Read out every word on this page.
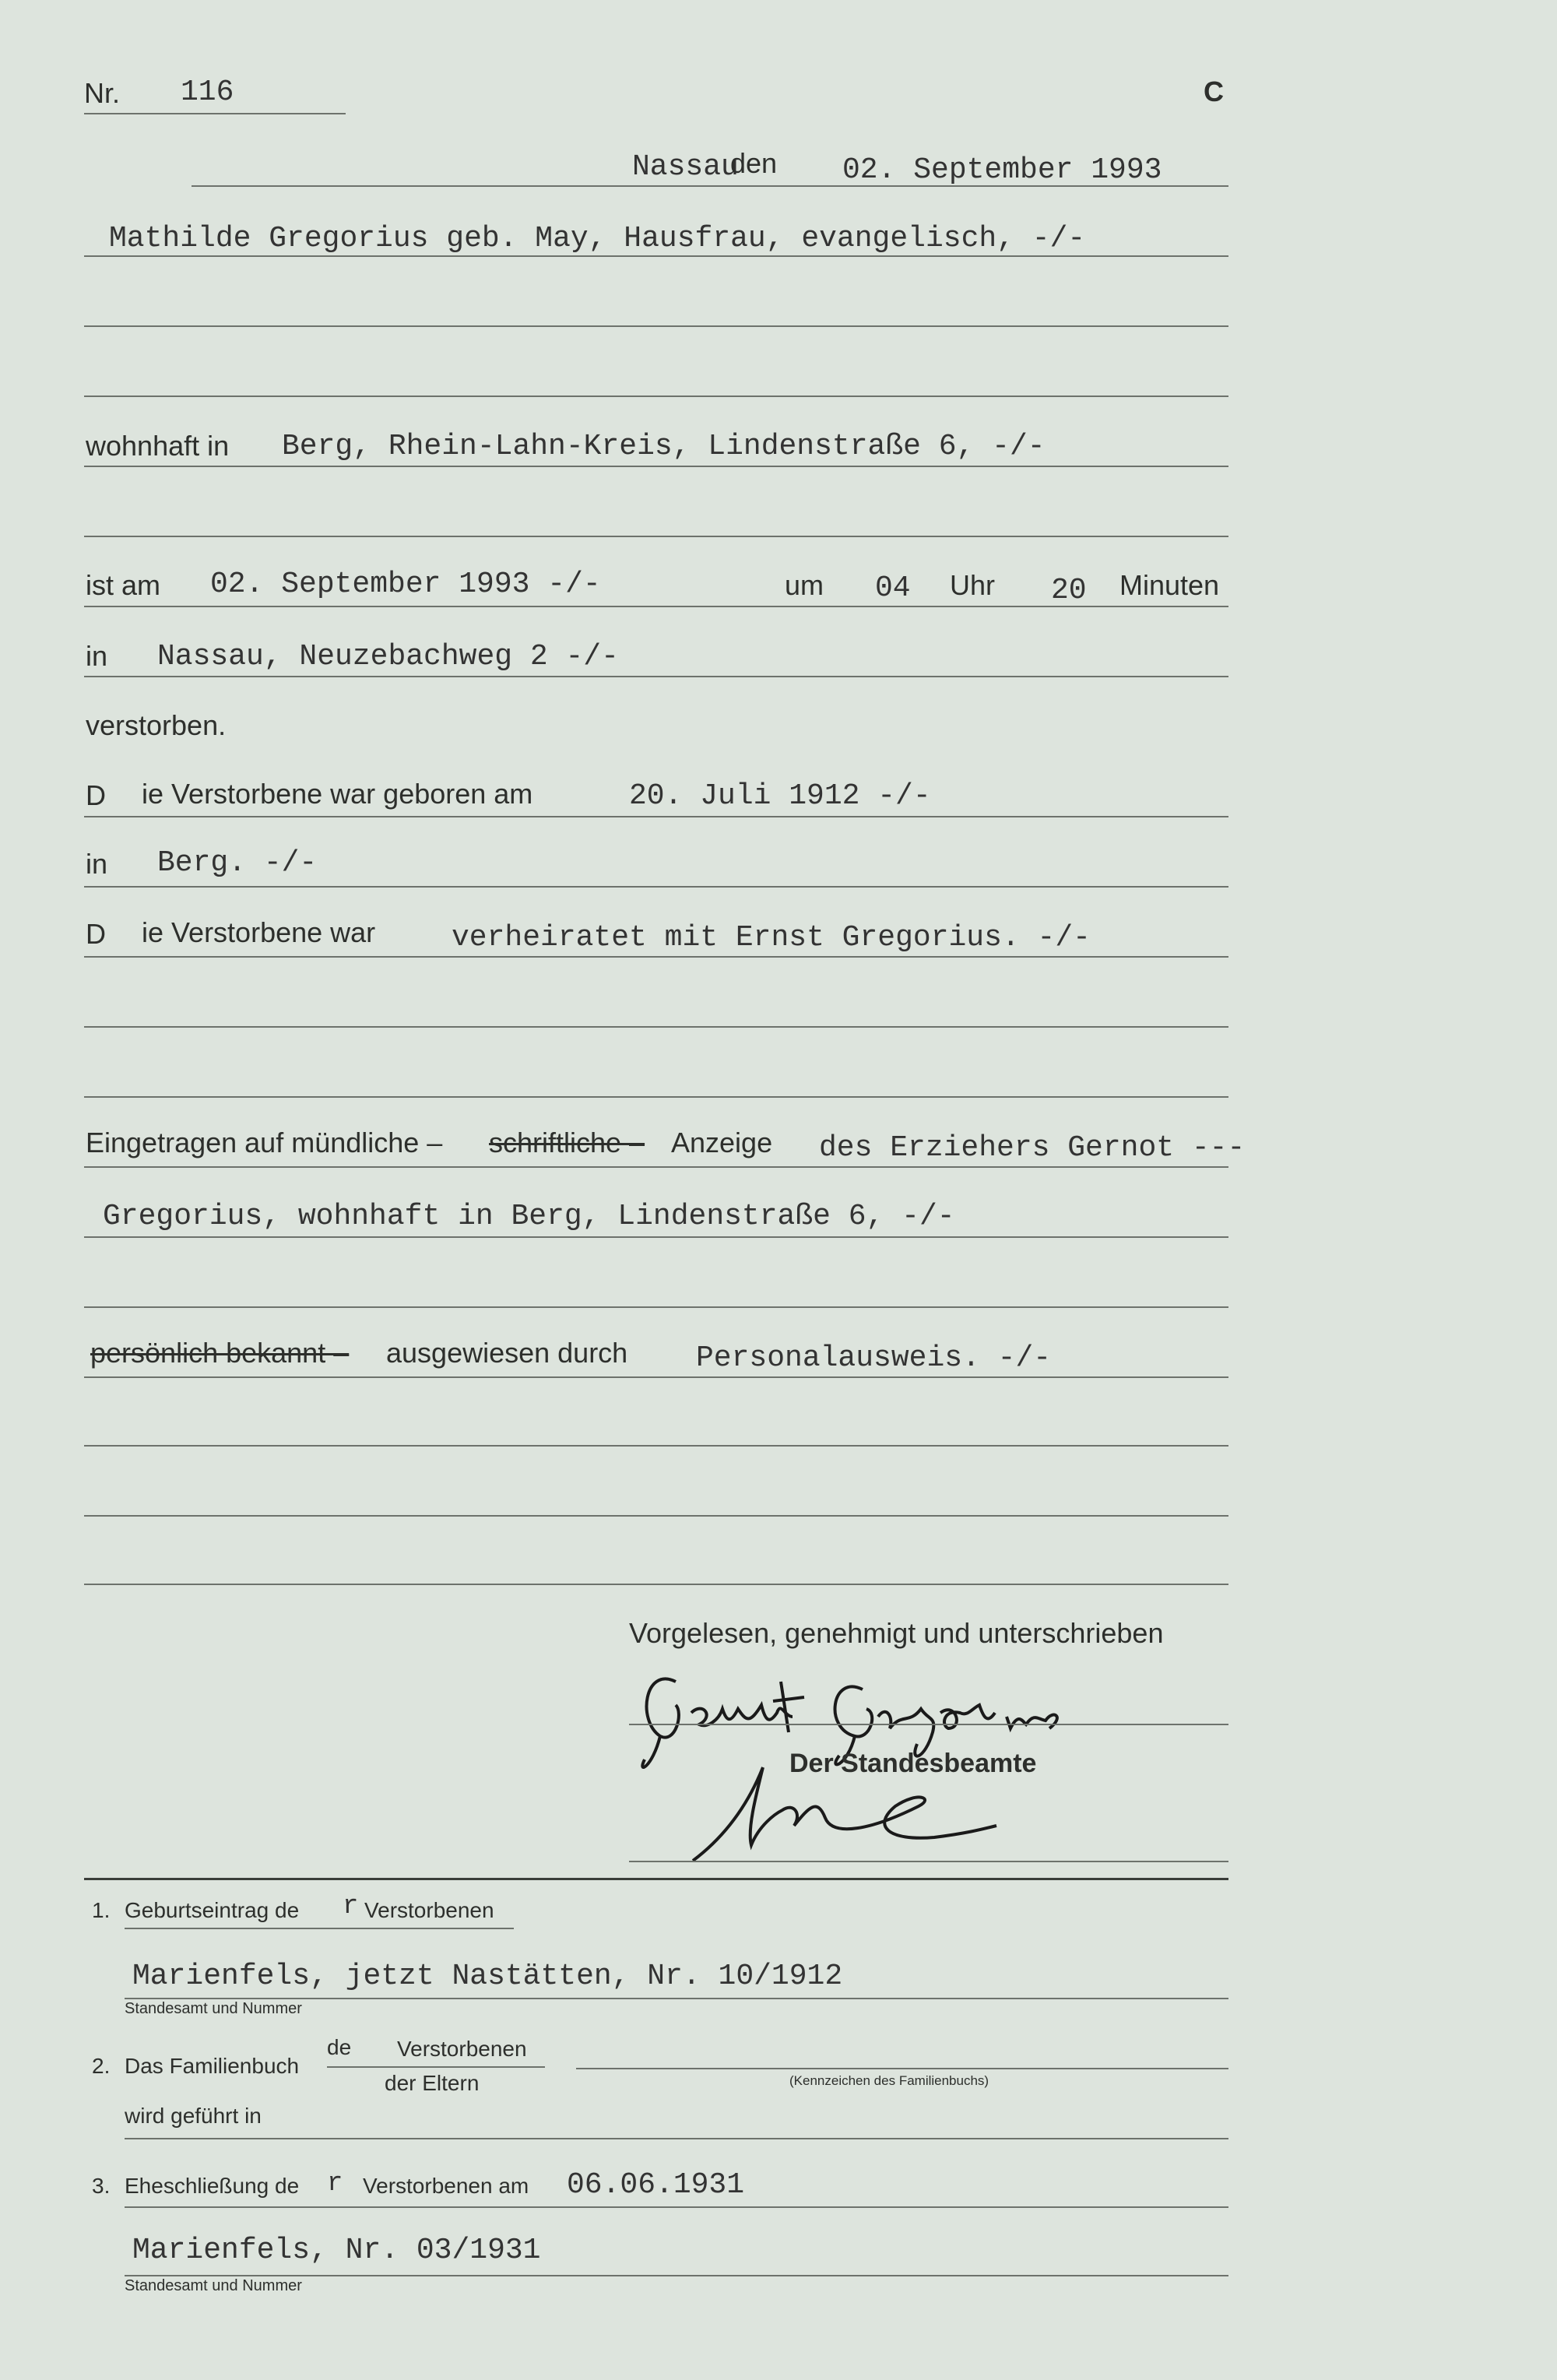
Nr. 116	C
Nassau
den 02. September 1993
Mathilde Gregorius geb. May, Hausfrau, evangelisch, -/-
wohnhaft in Berg, Rhein-Lahn-Kreis, Lindenstraße 6, -/-
ist am 02. September 1993 -/-	um 04 Uhr 20 Minuten
in Nassau, Neuzebachweg 2 -/-
verstorben.
D ie Verstorbene war geboren am	20. Juli 1912 -/-
in Berg. -/-
D ie Verstorbene war	verheiratet mit Ernst Gregorius. -/-
Eingetragen auf mündliche – schriftliche – Anzeige des Erziehers Gernot ---
Gregorius, wohnhaft in Berg, Lindenstraße 6, -/-
persönlich bekannt – ausgewiesen durch Personalausweis. -/-
Vorgelesen, genehmigt und unterschrieben
Der Standesbeamte
1. Geburtseintrag de r Verstorbenen
Marienfels, jetzt Nastätten, Nr. 10/1912
Standesamt und Nummer
2. Das Familienbuch
de Verstorbenen
der Eltern	(Kennzeichen des Familienbuchs)
wird geführt in
3. Eheschließung de r Verstorbenen am 06.06.1931
Marienfels, Nr. 03/1931
Standesamt und Nummer
